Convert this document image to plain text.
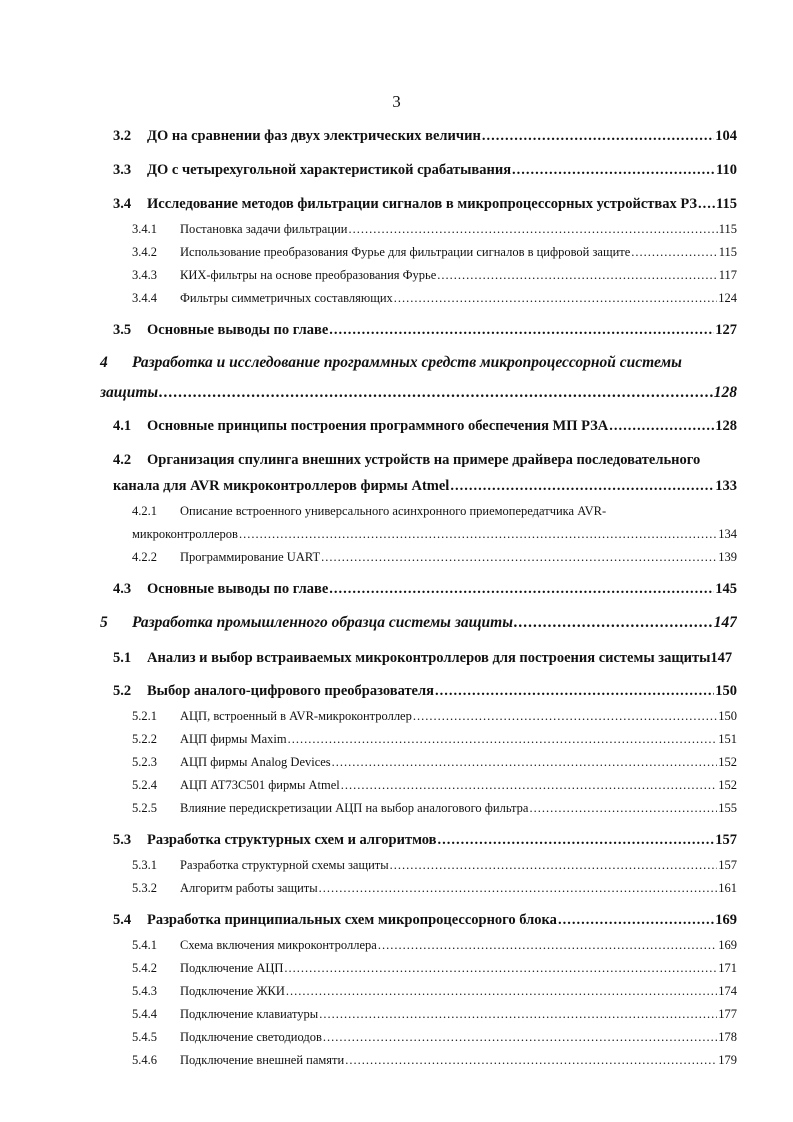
3
3.2	ДО на сравнении фаз двух электрических величин .....	104
3.3	ДО с четырехугольной характеристикой срабатывания .....	110
3.4	Исследование методов фильтрации сигналов в микропроцессорных устройствах РЗ ..... 115
3.4.1	Постановка задачи фильтрации .....	115
3.4.2	Использование преобразования Фурье для фильтрации сигналов в цифровой защите .....	115
3.4.3	КИХ-фильтры на основе преобразования Фурье .....	117
3.4.4	Фильтры симметричных составляющих .....	124
3.5	Основные выводы по главе .....	127
4 Разработка и исследование программных средств микропроцессорной системы
защиты .....	128
4.1	Основные принципы построения программного обеспечения МП РЗА .....	128
4.2 Организация спулинга внешних устройств на примере драйвера последовательного
канала для AVR микроконтроллеров фирмы Atmel .....	133
4.2.1 Описание встроенного универсального асинхронного приемопередатчика AVR-
микроконтроллеров .....	134
4.2.2	Программирование UART .....	139
4.3	Основные выводы по главе .....	145
5	Разработка промышленного образца системы защиты .....	147
5.1	Анализ и выбор встраиваемых микроконтроллеров для построения системы защиты 147
5.2	Выбор аналого-цифрового преобразователя .....	150
5.2.1	АЦП, встроенный в AVR-микроконтроллер .....	150
5.2.2	АЦП фирмы Maxim .....	151
5.2.3	АЦП фирмы Analog Devices .....	152
5.2.4	АЦП AT73C501 фирмы Atmel .....	152
5.2.5	Влияние передискретизации АЦП на выбор аналогового фильтра .....	155
5.3	Разработка структурных схем и алгоритмов .....	157
5.3.1	Разработка структурной схемы защиты .....	157
5.3.2	Алгоритм работы защиты .....	161
5.4	Разработка принципиальных схем микропроцессорного блока .....	169
5.4.1	Схема включения микроконтроллера .....	169
5.4.2	Подключение АЦП .....	171
5.4.3	Подключение ЖКИ .....	174
5.4.4	Подключение клавиатуры .....	177
5.4.5	Подключение светодиодов .....	178
5.4.6	Подключение внешней памяти .....	179
